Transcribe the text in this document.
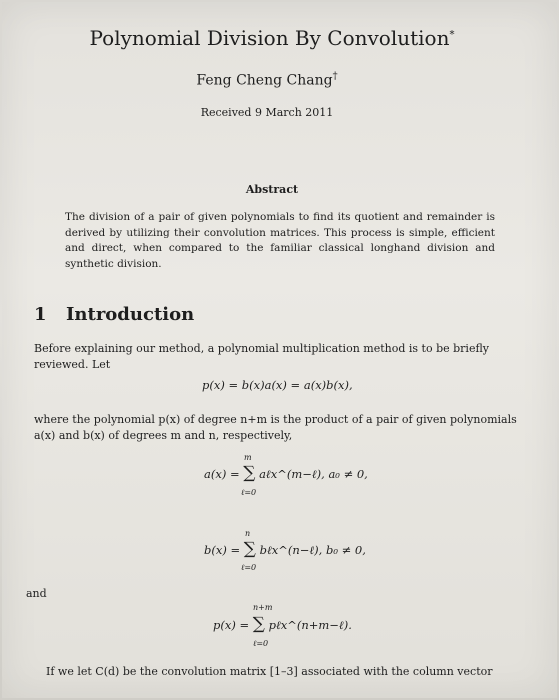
Polynomial Division By Convolution*
Feng Cheng Chang†
Received 9 March 2011
Abstract
The division of a pair of given polynomials to find its quotient and remainder is derived by utilizing their convolution matrices. This process is simple, efficient and direct, when compared to the familiar classical longhand division and synthetic division.
1 Introduction
Before explaining our method, a polynomial multiplication method is to be briefly reviewed. Let
p(x) = b(x)a(x) = a(x)b(x),
where the polynomial p(x) of degree n+m is the product of a pair of given polynomials a(x) and b(x) of degrees m and n, respectively,
a(x) = ∑ aℓx^(m−ℓ), a₀ ≠ 0,
m
ℓ=0
b(x) = ∑ bℓx^(n−ℓ), b₀ ≠ 0,
n
ℓ=0
and
p(x) = ∑ pℓx^(n+m−ℓ).
n+m
ℓ=0
If we let C(d) be the convolution matrix [1–3] associated with the column vector
